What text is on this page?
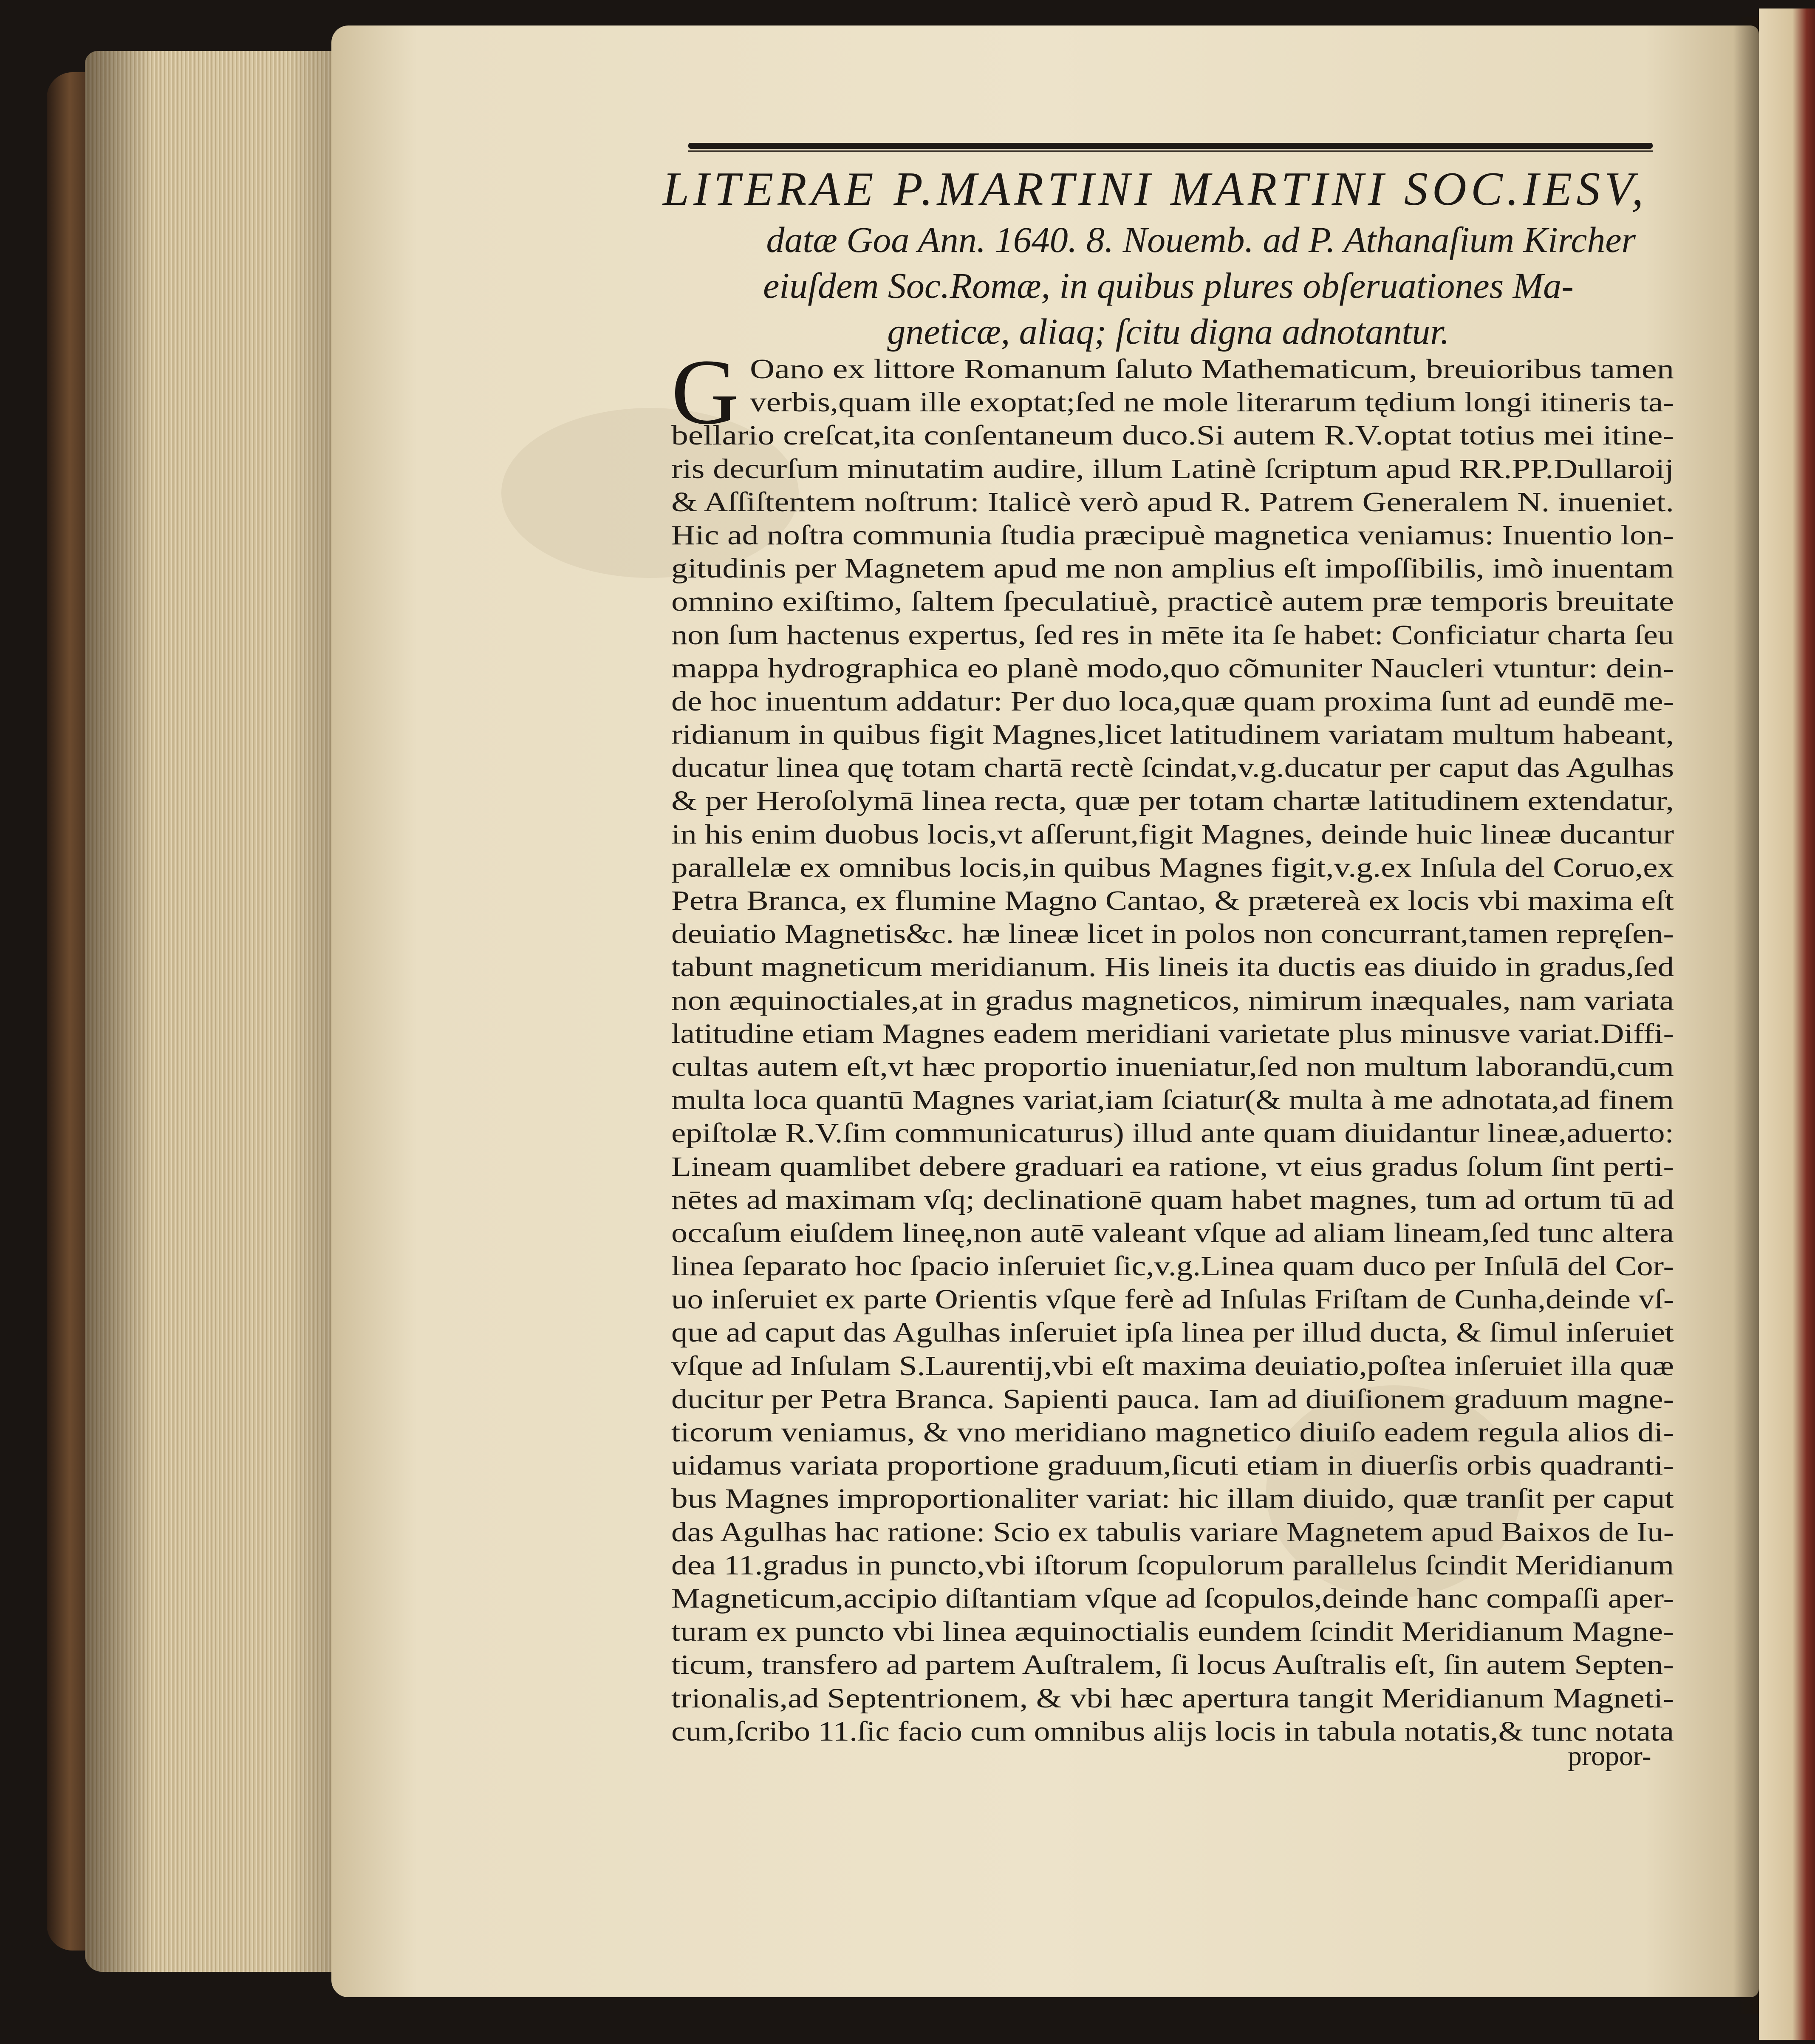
LITERAE P.MARTINI MARTINI SOC.IESV,
datæ Goa Ann. 1640. 8. Nouemb. ad P. Athanaſium Kircher
eiuſdem Soc.Romæ, in quibus plures obſeruationes Ma-
gneticæ, aliaq; ſcitu digna adnotantur.
G Oano ex littore Romanum ſaluto Mathematicum, breuioribus tamen
verbis,quam ille exoptat;ſed ne mole literarum tędium longi itineris ta-
bellario creſcat,ita conſentaneum duco.Si autem R.V.optat totius mei itine-
ris decurſum minutatim audire, illum Latinè ſcriptum apud RR.PP.Dullaroij
& Aſſiſtentem noſtrum: Italicè verò apud R. Patrem Generalem N. inueniet.
Hic ad noſtra communia ſtudia præcipuè magnetica veniamus: Inuentio lon-
gitudinis per Magnetem apud me non amplius eſt impoſſibilis, imò inuentam
omnino exiſtimo, ſaltem ſpeculatiuè, practicè autem præ temporis breuitate
non ſum hactenus expertus, ſed res in mēte ita ſe habet: Conficiatur charta ſeu
mappa hydrographica eo planè modo,quo cõmuniter Naucleri vtuntur: dein-
de hoc inuentum addatur: Per duo loca,quæ quam proxima ſunt ad eundē me-
ridianum in quibus figit Magnes,licet latitudinem variatam multum habeant,
ducatur linea quę totam chartā rectè ſcindat,v.g.ducatur per caput das Agulhas
& per Heroſolymā linea recta, quæ per totam chartæ latitudinem extendatur,
in his enim duobus locis,vt aſſerunt,figit Magnes, deinde huic lineæ ducantur
parallelæ ex omnibus locis,in quibus Magnes figit,v.g.ex Inſula del Coruo,ex
Petra Branca, ex flumine Magno Cantao, & prætereà ex locis vbi maxima eſt
deuiatio Magnetis&c. hæ lineæ licet in polos non concurrant,tamen repręſen-
tabunt magneticum meridianum. His lineis ita ductis eas diuido in gradus,ſed
non æquinoctiales,at in gradus magneticos, nimirum inæquales, nam variata
latitudine etiam Magnes eadem meridiani varietate plus minusve variat.Diffi-
cultas autem eſt,vt hæc proportio inueniatur,ſed non multum laborandū,cum
multa loca quantū Magnes variat,iam ſciatur(& multa à me adnotata,ad finem
epiſtolæ R.V.ſim communicaturus) illud ante quam diuidantur lineæ,aduerto:
Lineam quamlibet debere graduari ea ratione, vt eius gradus ſolum ſint perti-
nētes ad maximam vſq; declinationē quam habet magnes, tum ad ortum tū ad
occaſum eiuſdem lineę,non autē valeant vſque ad aliam lineam,ſed tunc altera
linea ſeparato hoc ſpacio inſeruiet ſic,v.g.Linea quam duco per Inſulā del Cor-
uo inſeruiet ex parte Orientis vſque ferè ad Inſulas Friſtam de Cunha,deinde vſ-
que ad caput das Agulhas inſeruiet ipſa linea per illud ducta, & ſimul inſeruiet
vſque ad Inſulam S.Laurentij,vbi eſt maxima deuiatio,poſtea inſeruiet illa quæ
ducitur per Petra Branca. Sapienti pauca. Iam ad diuiſionem graduum magne-
ticorum veniamus, & vno meridiano magnetico diuiſo eadem regula alios di-
uidamus variata proportione graduum,ſicuti etiam in diuerſis orbis quadranti-
bus Magnes improportionaliter variat: hic illam diuido, quæ tranſit per caput
das Agulhas hac ratione: Scio ex tabulis variare Magnetem apud Baixos de Iu-
dea 11.gradus in puncto,vbi iſtorum ſcopulorum parallelus ſcindit Meridianum
Magneticum,accipio diſtantiam vſque ad ſcopulos,deinde hanc compaſſi aper-
turam ex puncto vbi linea æquinoctialis eundem ſcindit Meridianum Magne-
ticum, transfero ad partem Auſtralem, ſi locus Auſtralis eſt, ſin autem Septen-
trionalis,ad Septentrionem, & vbi hæc apertura tangit Meridianum Magneti-
cum,ſcribo 11.ſic facio cum omnibus alijs locis in tabula notatis,& tunc notata
propor-
